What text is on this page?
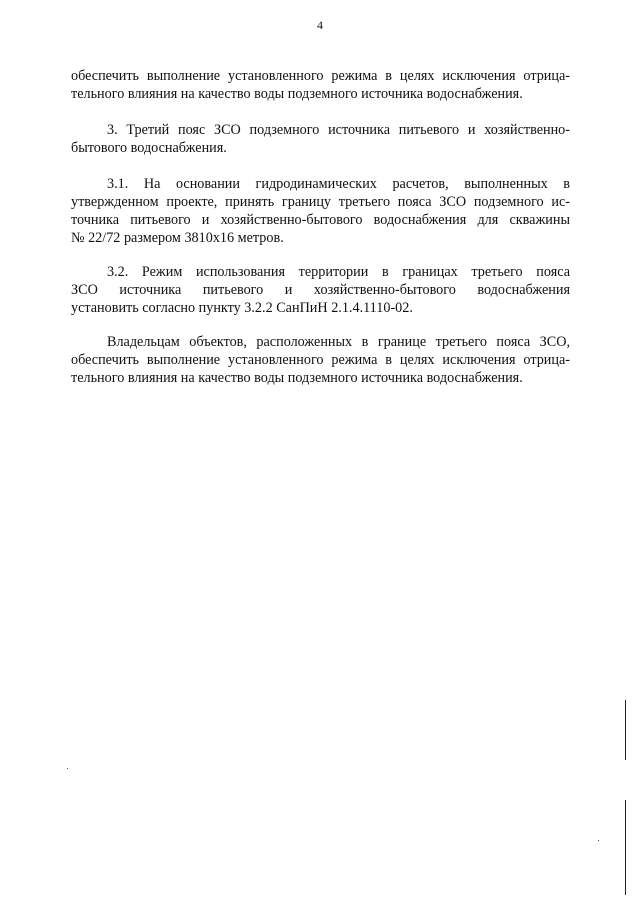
4
обеспечить выполнение установленного режима в целях исключения отрица-
тельного влияния на качество воды подземного источника водоснабжения.
3. Третий пояс ЗСО подземного источника питьевого и хозяйственно-
бытового водоснабжения.
3.1. На основании гидродинамических расчетов, выполненных в
утвержденном проекте, принять границу третьего пояса ЗСО подземного ис-
точника питьевого и хозяйственно-бытового водоснабжения для скважины
№ 22/72 размером 3810х16 метров.
3.2. Режим использования территории в границах третьего пояса
ЗСО источника питьевого и хозяйственно-бытового водоснабжения
установить согласно пункту 3.2.2 СанПиН 2.1.4.1110-02.
Владельцам объектов, расположенных в границе третьего пояса ЗСО,
обеспечить выполнение установленного режима в целях исключения отрица-
тельного влияния на качество воды подземного источника водоснабжения.
